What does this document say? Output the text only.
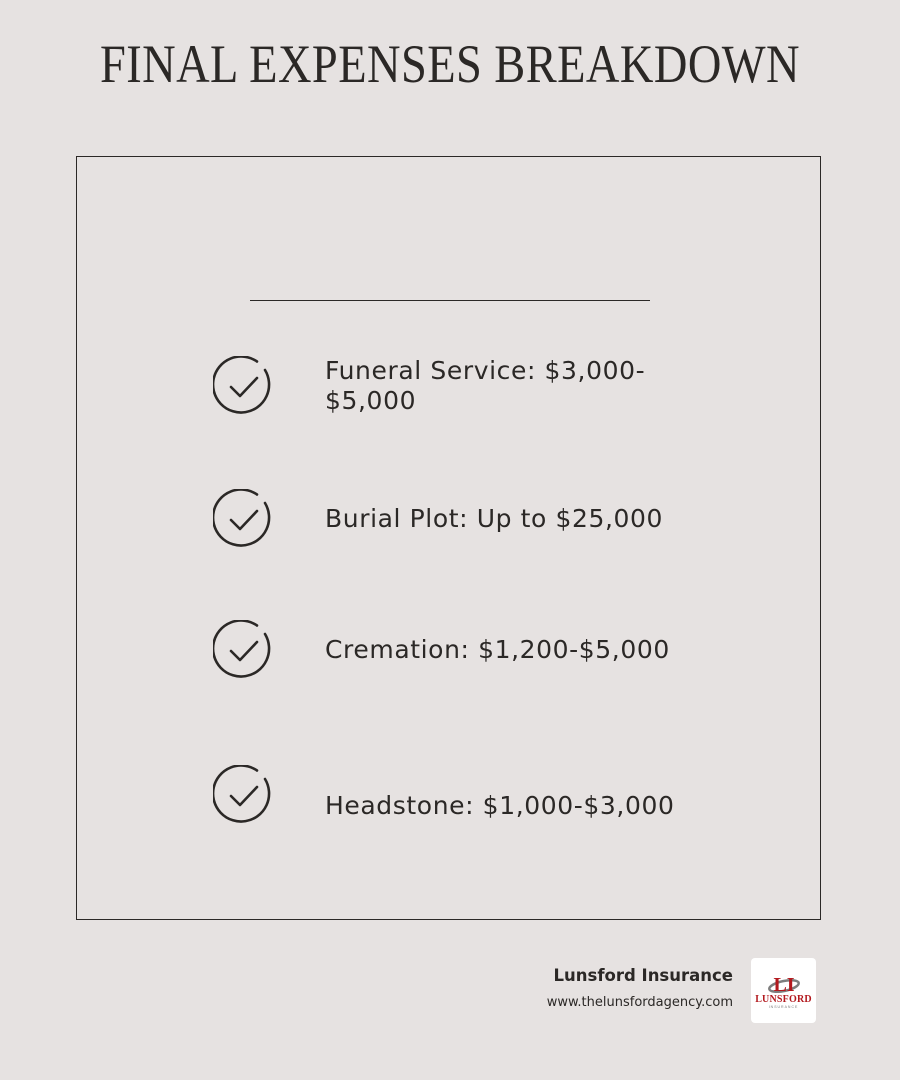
FINAL EXPENSES BREAKDOWN
Funeral Service: $3,000-
$5,000
Burial Plot: Up to $25,000
Cremation: $1,200-$5,000
Headstone: $1,000-$3,000
Lunsford Insurance
www.thelunsfordagency.com
LI
LUNSFORD
INSURANCE
